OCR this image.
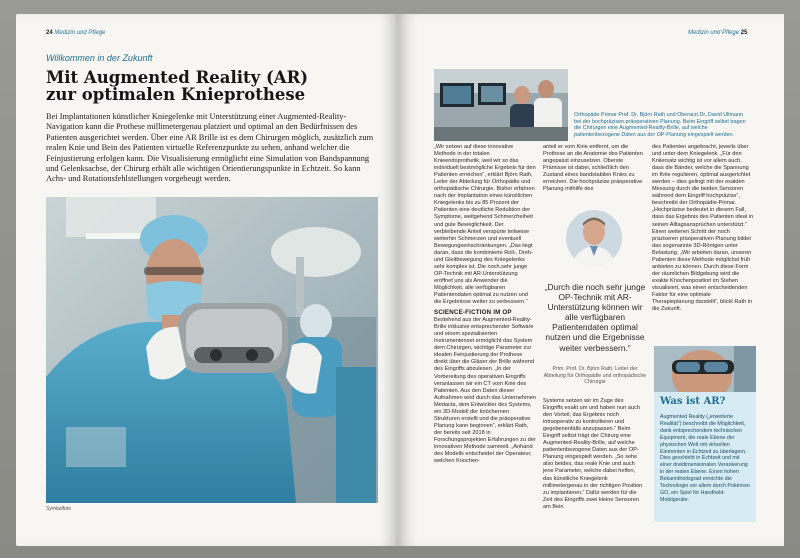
24 Medizin und Pflege
Willkommen in der Zukunft
Mit Augmented Reality (AR)
zur optimalen Knieprothese

Bei Implantationen künstlicher Kniegelenke mit Unterstützung einer Augmented-Reality-Navigation kann die Prothese millimetergenau platziert und optimal an den Bedürfnissen des Patienten ausgerichtet werden. Über eine AR Brille ist es dem Chirurgen möglich, zusätzlich zum realen Knie und Bein des Patienten virtuelle Referenzpunkte zu sehen, anhand welcher die Feinjustierung erfolgen kann. Die Visualisierung ermöglicht eine Simulation von Bandspannung und Gelenksachse, der Chirurg erhält alle wichtigen Orientierungspunkte in Echtzeit. So kann Achs- und Rotationsfehlstellungen vorgebeugt werden.

Symbolfoto
Medizin und Pflege 25

Orthopäde Primar Prof. Dr. Björn Rath und Oberarzt Dr. David Ullmann bei der hochpräzisen präoperativen Planung. Beim Eingriff selbst tragen die Chirurgen eine Augmented-Reality-Brille, auf welche patientenbezogene Daten aus der OP-Planung eingespielt werden.

„Wir setzen auf diese innovative Methode in der totalen Knieendoprothetik, weil wir so das individuell bestmögliche Ergebnis für den Patienten erreichen“, erklärt Björn Rath, Leiter der Abteilung für Orthopädie und orthopädische Chirurgie. Bisher erfahren nach der Implantation eines künstlichen Kniegelenks bis zu 85 Prozent der Patienten eine deutliche Reduktion der Symptome, weitgehend Schmerzfreiheit und gute Beweglichkeit. Der verbleibende Anteil verspürte teilweise weiterhin Schmerzen und eventuell Bewegungseinschränkungen. „Das liegt daran, dass die kombinierte Roll-, Dreh- und Gleitbewegung des Kniegelenks sehr komplex ist. Die noch sehr junge OP-Technik mit AR-Unterstützung eröffnet uns als Anwender die Möglichkeit, alle verfügbaren Patientendaten optimal zu nutzen und die Ergebnisse weiter zu verbessern.“

SCIENCE-FICTION IM OP

Bestehend aus der Augmented-Reality-Brille inklusive entsprechender Software und einem spezialisierten Instrumentenset ermöglicht das System dem Chirurgen, wichtige Parameter zur idealen Feinjustierung der Prothese direkt über die Gläser der Brille während des Eingriffs abzulesen. „In der Vorbereitung des operativen Eingriffs veranlassen wir ein CT vom Knie des Patienten. Aus den Daten dieser Aufnahmen wird durch das Unternehmen Medacta, dem Entwickler des Systems, ein 3D-Modell der knöchernen Strukturen erstellt und die präoperative Planung kann beginnen“, erklärt Rath, der bereits seit 2018 in Forschungsprojekten Erfahrungen zu der innovativen Methode sammelt. „Anhand des Modells entscheidet der Operateur, welchen Knochen-

anteil er vom Knie entfernt, um die Prothese an die Anatomie des Patienten angepasst einzusetzen. Oberste Prämisse ist dabei, schließlich den Zustand eines bandstabilen Knies zu erreichen. Die hochpräzise präoperative Planung mithilfe des

„Durch die noch sehr junge OP-Technik mit AR-Unterstützung können wir alle verfügbaren Patientendaten optimal nutzen und die Ergebnisse weiter verbessern.“

Prim. Prof. Dr. Björn Rath, Leiter der Abteilung für Orthopädie und orthopädische Chirurgie

Systems setzen wir im Zuge des Eingriffs exakt um und haben nun auch den Vorteil, das Ergebnis noch intraoperativ zu kontrollieren und gegebenenfalls anzupassen.“ Beim Eingriff selbst trägt der Chirurg eine Augmented-Reality-Brille, auf welche patientenbezogene Daten aus der OP-Planung eingespielt werden. „So sehe also beides, das reale Knie und auch jene Parameter, welche dabei helfen, das künstliche Kniegelenk millimetergenau in der richtigen Position zu implantieren.“ Dafür werden für die Zeit des Eingriffs zwei kleine Sensoren am Bein

des Patienten angebracht, jeweils über und unter dem Kniegelenk. „Für den Kniiersatz wichtig ist vor allem auch, dass die Bänder, welche die Spannung im Knie regulieren, optimal ausgerichtet werden – dies gelingt mit der exakten Messung durch die beiden Sensoren während dem Eingriff hochpräzise“, beschreibt der Orthopädie-Primar. „Hochpräzise bedeutet in diesem Fall, dass das Ergebnis des Patienten ideal in seinen Alltagsansprüchen unterstützt.“ Einen weiteren Schritt der noch präziseren präoperativen Planung bildet das sogenannte 3D-Röntgen unter Belastung. „Wir arbeiten daran, unseren Patienten diese Methode möglichst früh anbieten zu können. Durch diese Form der räumlichen Bildgebung wird die exakte Knochenposition im Stehen visualisiert, was einen entscheidenden Faktor für eine optimale Therapieplanung darstellt“, blickt Rath in die Zukunft.

Was ist AR?

Augmented Reality („erweiterte Realität“) beschreibt die Möglichkeit, dank entsprechendem technischen Equipment, die reale Ebene der physischen Welt mit virtuellen Elementen in Echtzeit zu überlagern. Dies geschieht in Echtzeit und mit einer dreidimensionalen Verankerung in der realen Ebene. Einen hohen Bekanntheitsgrad erreichte die Technologie vor allem durch Pokémon GO, ein Spiel für Handheld-Mobilgeräte.
